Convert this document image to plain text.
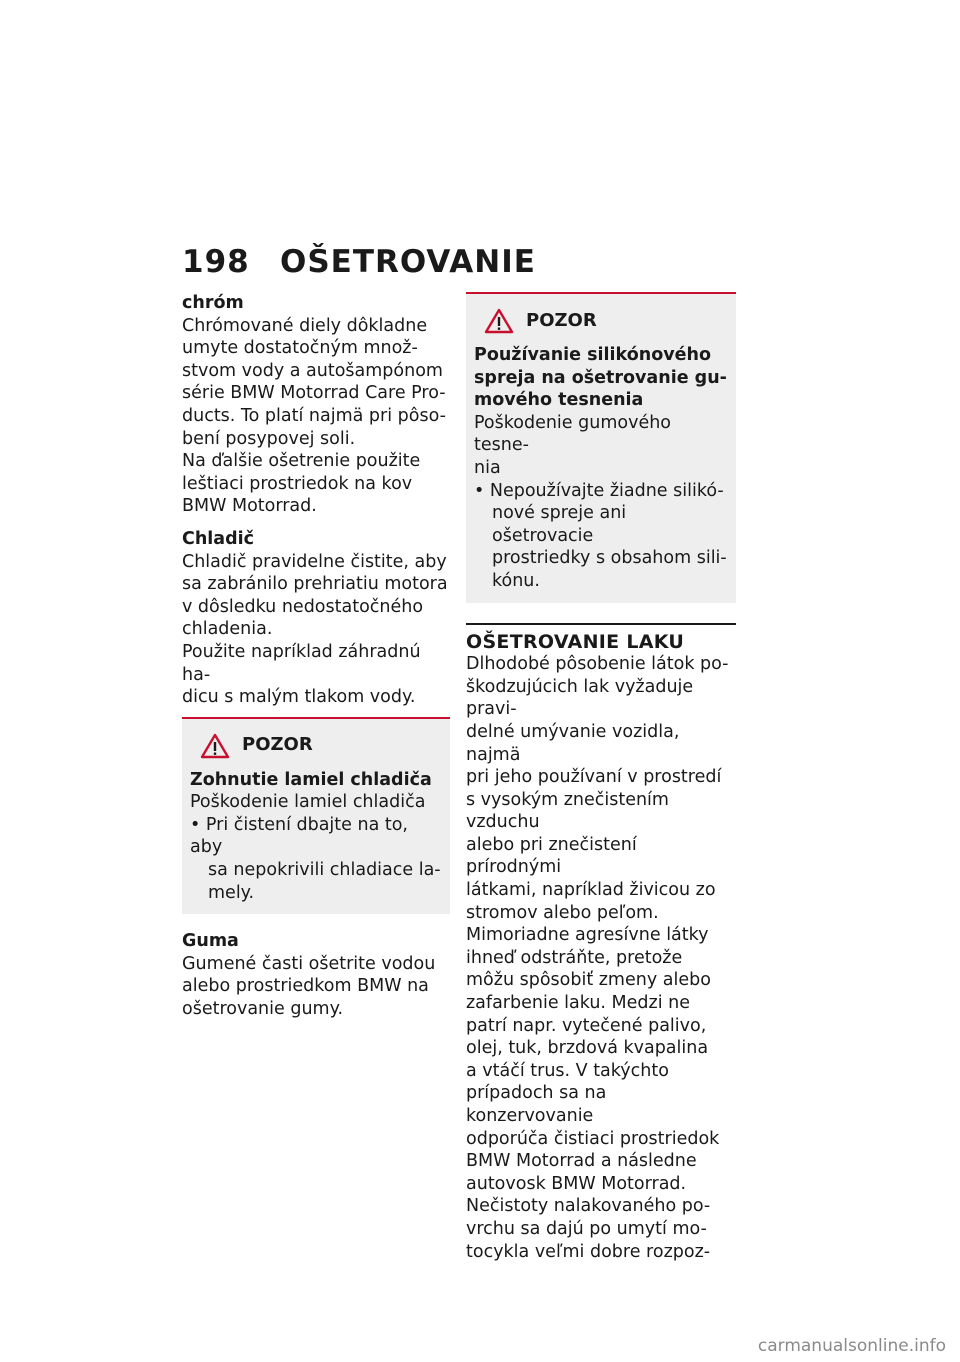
198 OŠETROVANIE

chróm

Chrómované diely dôkladne

umyte dostatočným množ-

stvom vody a autošampónom

série BMW Motorrad Care Pro-

ducts. To platí najmä pri pôso-

bení posypovej soli.

Na ďalšie ošetrenie použite

leštiaci prostriedok na kov

BMW Motorrad.

Chladič

Chladič pravidelne čistite, aby

sa zabránilo prehriatiu motora

v dôsledku nedostatočného

chladenia.

Použite napríklad záhradnú ha-

dicu s malým tlakom vody.

POZOR

Zohnutie lamiel chladiča

Poškodenie lamiel chladiča

• Pri čistení dbajte na to, aby

sa nepokrivili chladiace la-

mely.

Guma

Gumené časti ošetrite vodou

alebo prostriedkom BMW na

ošetrovanie gumy.

POZOR

Používanie silikónového

spreja na ošetrovanie gu-

mového tesnenia

Poškodenie gumového tesne-

nia

• Nepoužívajte žiadne silikó-

nové spreje ani ošetrovacie

prostriedky s obsahom sili-

kónu.

OŠETROVANIE LAKU

Dlhodobé pôsobenie látok po-

škodzujúcich lak vyžaduje pravi-

delné umývanie vozidla, najmä

pri jeho používaní v prostredí

s vysokým znečistením vzduchu

alebo pri znečistení prírodnými

látkami, napríklad živicou zo

stromov alebo peľom.

Mimoriadne agresívne látky

ihneď odstráňte, pretože

môžu spôsobiť zmeny alebo

zafarbenie laku. Medzi ne

patrí napr. vytečené palivo,

olej, tuk, brzdová kvapalina

a vtáčí trus. V takýchto

prípadoch sa na konzervovanie

odporúča čistiaci prostriedok

BMW Motorrad a následne

autovosk BMW Motorrad.

Nečistoty nalakovaného po-

vrchu sa dajú po umytí mo-

tocykla veľmi dobre rozpoz-

carmanualsonline.info
